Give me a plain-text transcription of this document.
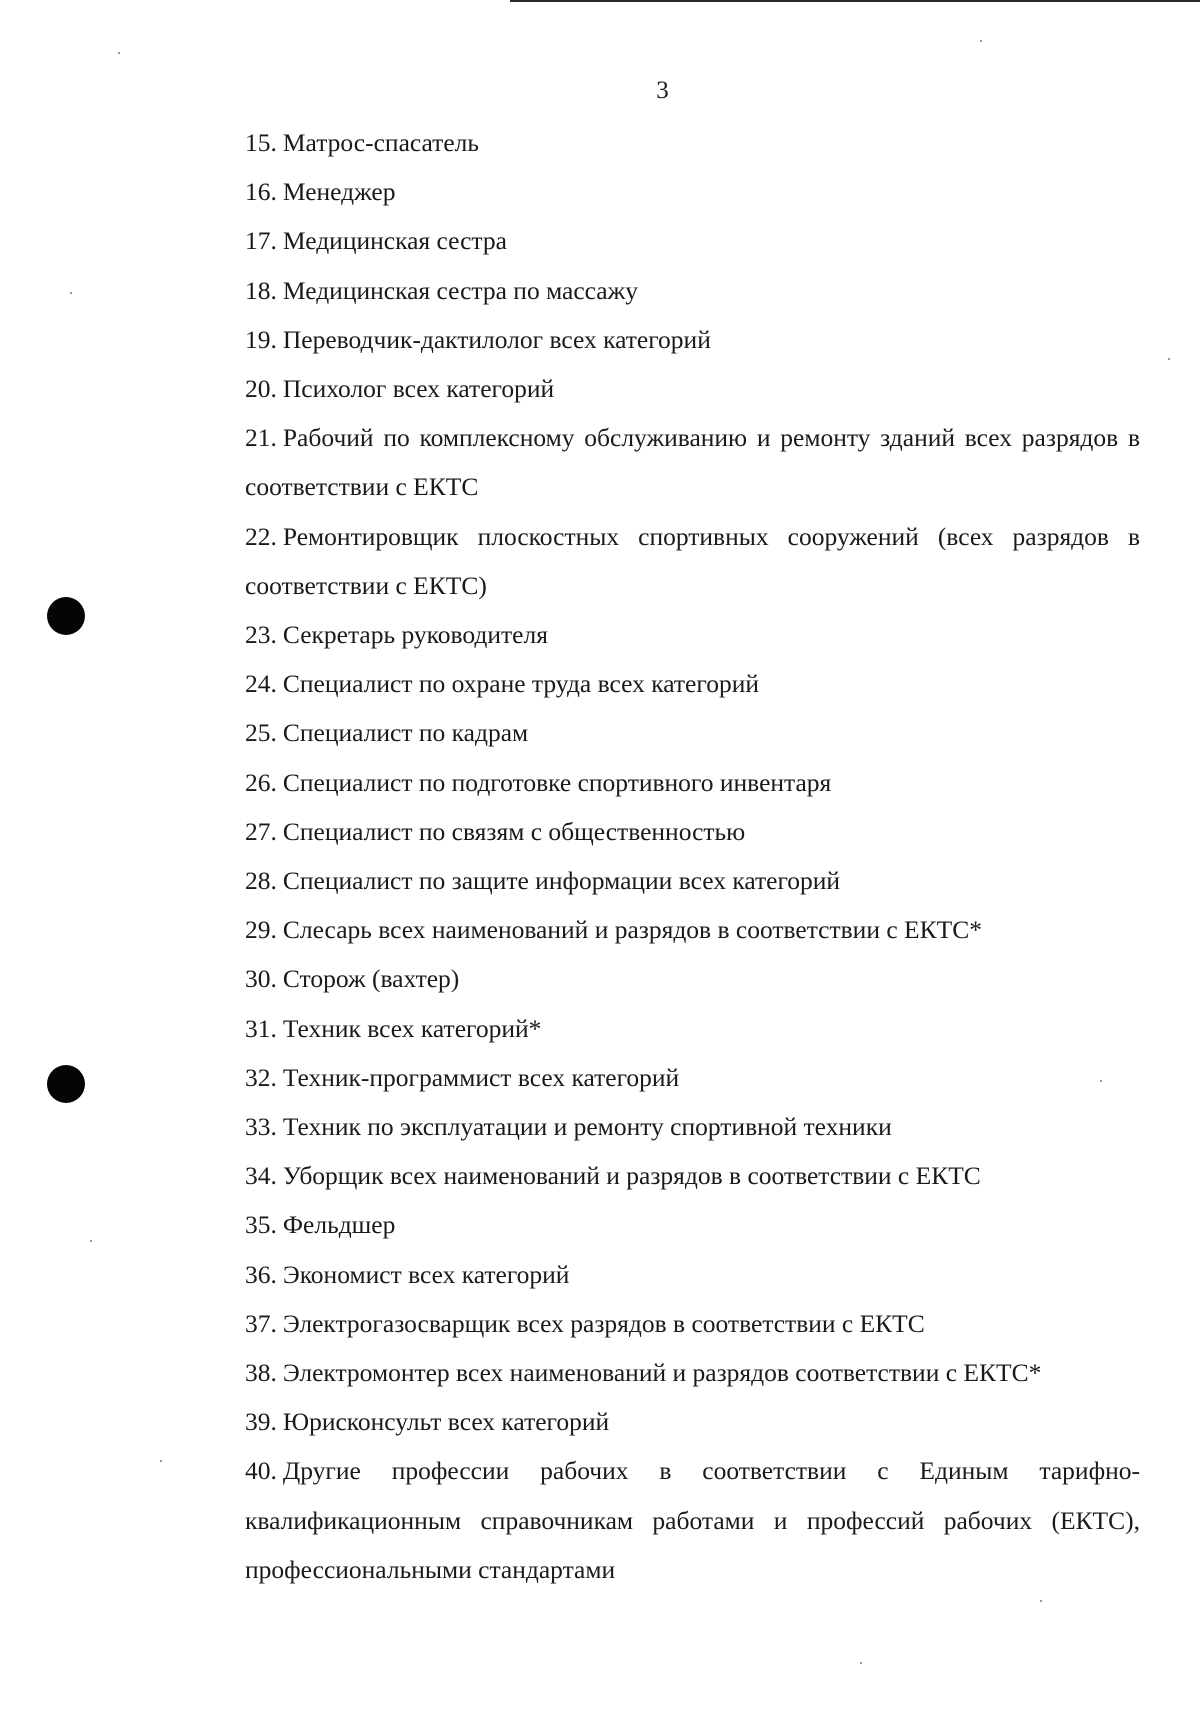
3
15. Матрос-спасатель
16. Менеджер
17. Медицинская сестра
18. Медицинская сестра по массажу
19. Переводчик-дактилолог всех категорий
20. Психолог всех категорий
21. Рабочий по комплексному обслуживанию и ремонту зданий всех разрядов в соответствии с ЕКТС
22. Ремонтировщик плоскостных спортивных сооружений (всех разрядов в соответствии с ЕКТС)
23. Секретарь руководителя
24. Специалист по охране труда всех категорий
25. Специалист по кадрам
26. Специалист по подготовке спортивного инвентаря
27. Специалист по связям с общественностью
28. Специалист по защите информации всех категорий
29. Слесарь всех наименований и разрядов в соответствии с ЕКТС*
30. Сторож (вахтер)
31. Техник всех категорий*
32. Техник-программист всех категорий
33. Техник по эксплуатации и ремонту спортивной техники
34. Уборщик всех наименований и разрядов в соответствии с ЕКТС
35. Фельдшер
36. Экономист всех категорий
37. Электрогазосварщик всех разрядов в соответствии с ЕКТС
38. Электромонтер всех наименований и разрядов соответствии с ЕКТС*
39. Юрисконсульт всех категорий
40. Другие профессии рабочих в соответствии с Единым тарифно-квалификационным справочникам работами и профессий рабочих (ЕКТС), профессиональными стандартами
